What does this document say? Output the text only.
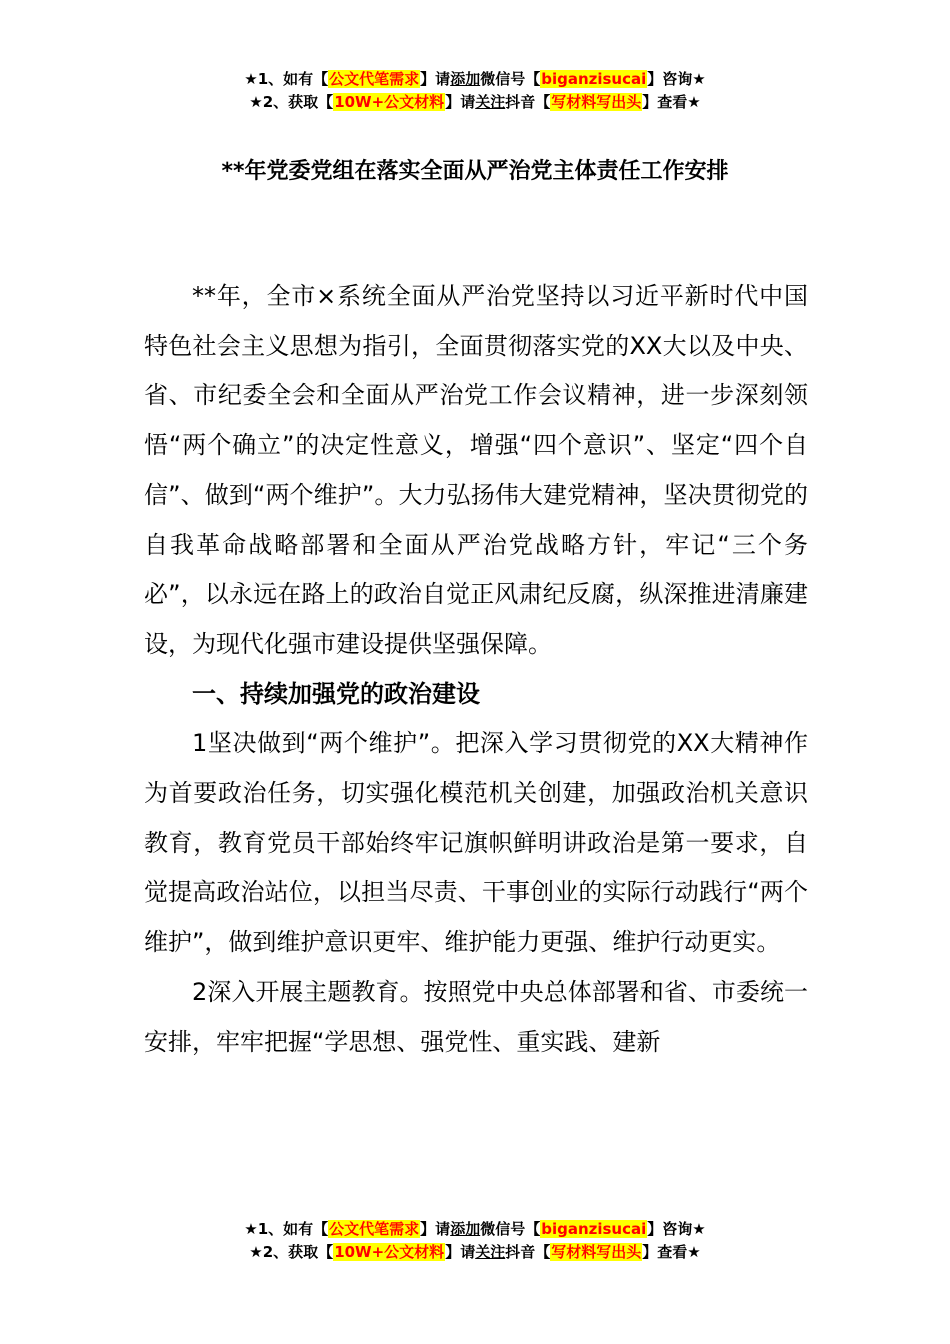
★1、如有【公文代笔需求】请添加微信号【biganzisucai】咨询★
★2、获取【10W+公文材料】请关注抖音【写材料写出头】查看★
**年党委党组在落实全面从严治党主体责任工作安排

**年，全市×系统全面从严治党坚持以习近平新时代中国特色社会主义思想为指引，全面贯彻落实党的XX大以及中央、省、市纪委全会和全面从严治党工作会议精神，进一步深刻领悟“两个确立”的决定性意义，增强“四个意识”、坚定“四个自信”、做到“两个维护”。大力弘扬伟大建党精神，坚决贯彻党的自我革命战略部署和全面从严治党战略方针，牢记“三个务必”，以永远在路上的政治自觉正风肃纪反腐，纵深推进清廉建设，为现代化强市建设提供坚强保障。

一、持续加强党的政治建设

1坚决做到“两个维护”。把深入学习贯彻党的XX大精神作为首要政治任务，切实强化模范机关创建，加强政治机关意识教育，教育党员干部始终牢记旗帜鲜明讲政治是第一要求，自觉提高政治站位，以担当尽责、干事创业的实际行动践行“两个维护”，做到维护意识更牢、维护能力更强、维护行动更实。

2深入开展主题教育。按照党中央总体部署和省、市委统一安排，牢牢把握“学思想、强党性、重实践、建新

★1、如有【公文代笔需求】请添加微信号【biganzisucai】咨询★
★2、获取【10W+公文材料】请关注抖音【写材料写出头】查看★
